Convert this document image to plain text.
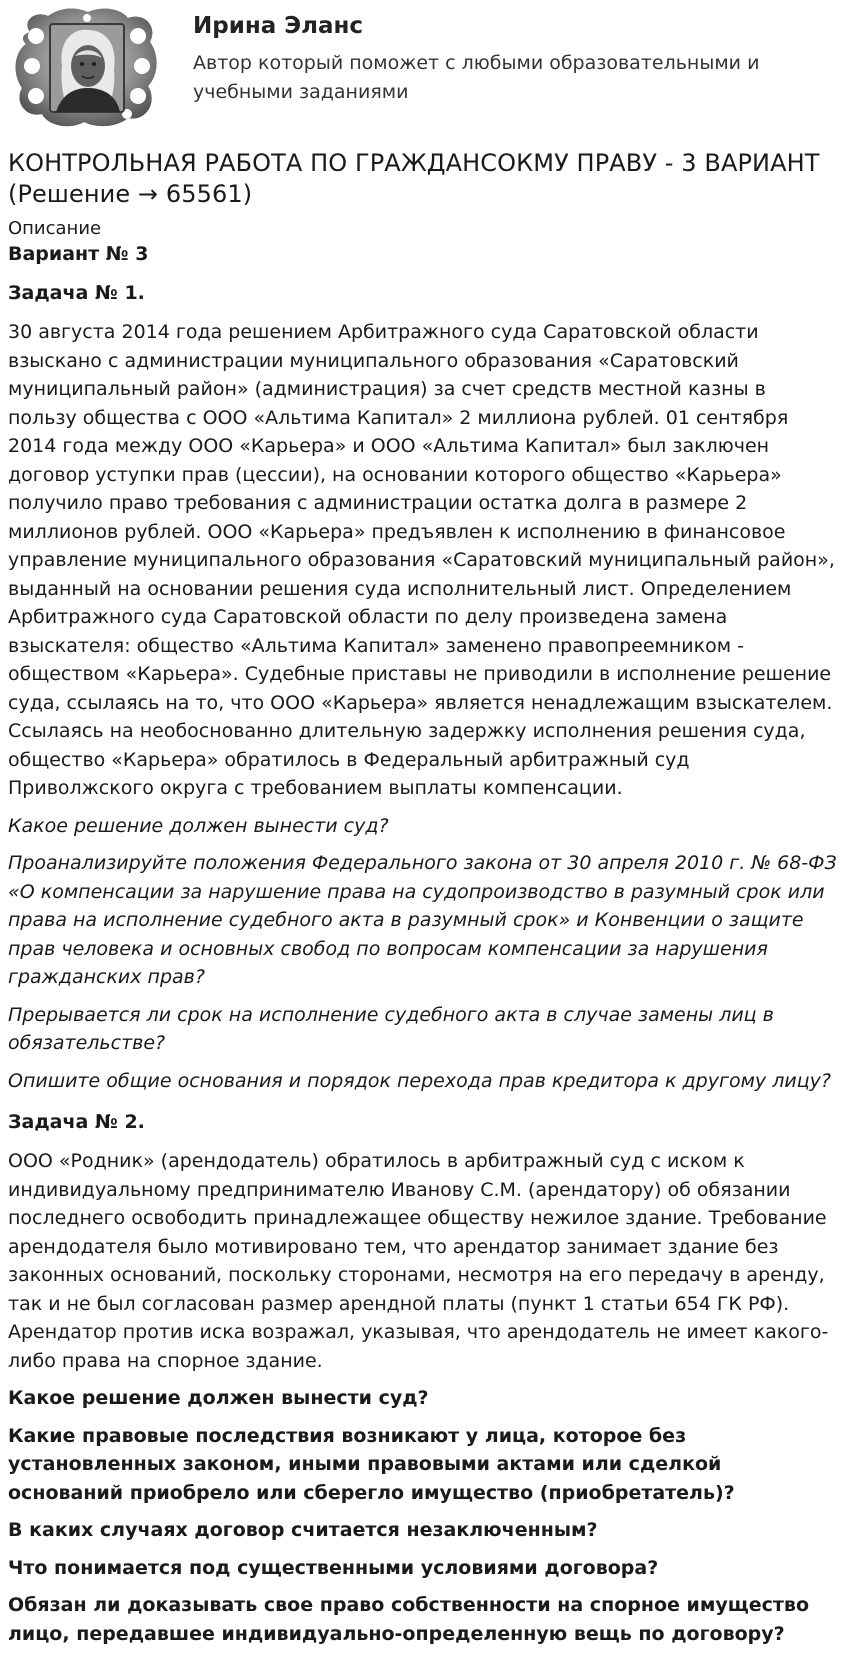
Ирина Эланс
Автор который поможет с любыми образовательными и
учебными заданиями
КОНТРОЛЬНАЯ РАБОТА ПО ГРАЖДАНСОКМУ ПРАВУ - 3 ВАРИАНТ
(Решение → 65561)
Описание
Вариант № 3
Задача № 1.

30 августа 2014 года решением Арбитражного суда Саратовской области взыскано с администрации муниципального образования «Саратовский муниципальный район» (администрация) за счет средств местной казны в пользу общества с ООО «Альтима Капитал» 2 миллиона рублей. 01 сентября 2014 года между ООО «Карьера» и ООО «Альтима Капитал» был заключен договор уступки прав (цессии), на основании которого общество «Карьера» получило право требования с администрации остатка долга в размере 2 миллионов рублей. ООО «Карьера» предъявлен к исполнению в финансовое управление муниципального образования «Саратовский муниципальный район», выданный на основании решения суда исполнительный лист. Определением Арбитражного суда Саратовской области по делу произведена замена взыскателя: общество «Альтима Капитал» заменено правопреемником - обществом «Карьера». Судебные приставы не приводили в исполнение решение суда, ссылаясь на то, что ООО «Карьера» является ненадлежащим взыскателем. Ссылаясь на необоснованно длительную задержку исполнения решения суда, общество «Карьера» обратилось в Федеральный арбитражный суд Приволжского округа с требованием выплаты компенсации.

Какое решение должен вынести суд?

Проанализируйте положения Федерального закона от 30 апреля 2010 г. № 68-ФЗ «О компенсации за нарушение права на судопроизводство в разумный срок или права на исполнение судебного акта в разумный срок» и Конвенции о защите прав человека и основных свобод по вопросам компенсации за нарушения гражданских прав?

Прерывается ли срок на исполнение судебного акта в случае замены лиц в обязательстве?

Опишите общие основания и порядок перехода прав кредитора к другому лицу?

Задача № 2.

ООО «Родник» (арендодатель) обратилось в арбитражный суд с иском к индивидуальному предпринимателю Иванову С.М. (арендатору) об обязании последнего освободить принадлежащее обществу нежилое здание. Требование арендодателя было мотивировано тем, что арендатор занимает здание без законных оснований, поскольку сторонами, несмотря на его передачу в аренду, так и не был согласован размер арендной платы (пункт 1 статьи 654 ГК РФ). Арендатор против иска возражал, указывая, что арендодатель не имеет какого-либо права на спорное здание.

Какое решение должен вынести суд?

Какие правовые последствия возникают у лица, которое без установленных законом, иными правовыми актами или сделкой оснований приобрело или сберегло имущество (приобретатель)?

В каких случаях договор считается незаключенным?

Что понимается под существенными условиями договора?

Обязан ли доказывать свое право собственности на спорное имущество лицо, передавшее индивидуально-определенную вещь по договору?
